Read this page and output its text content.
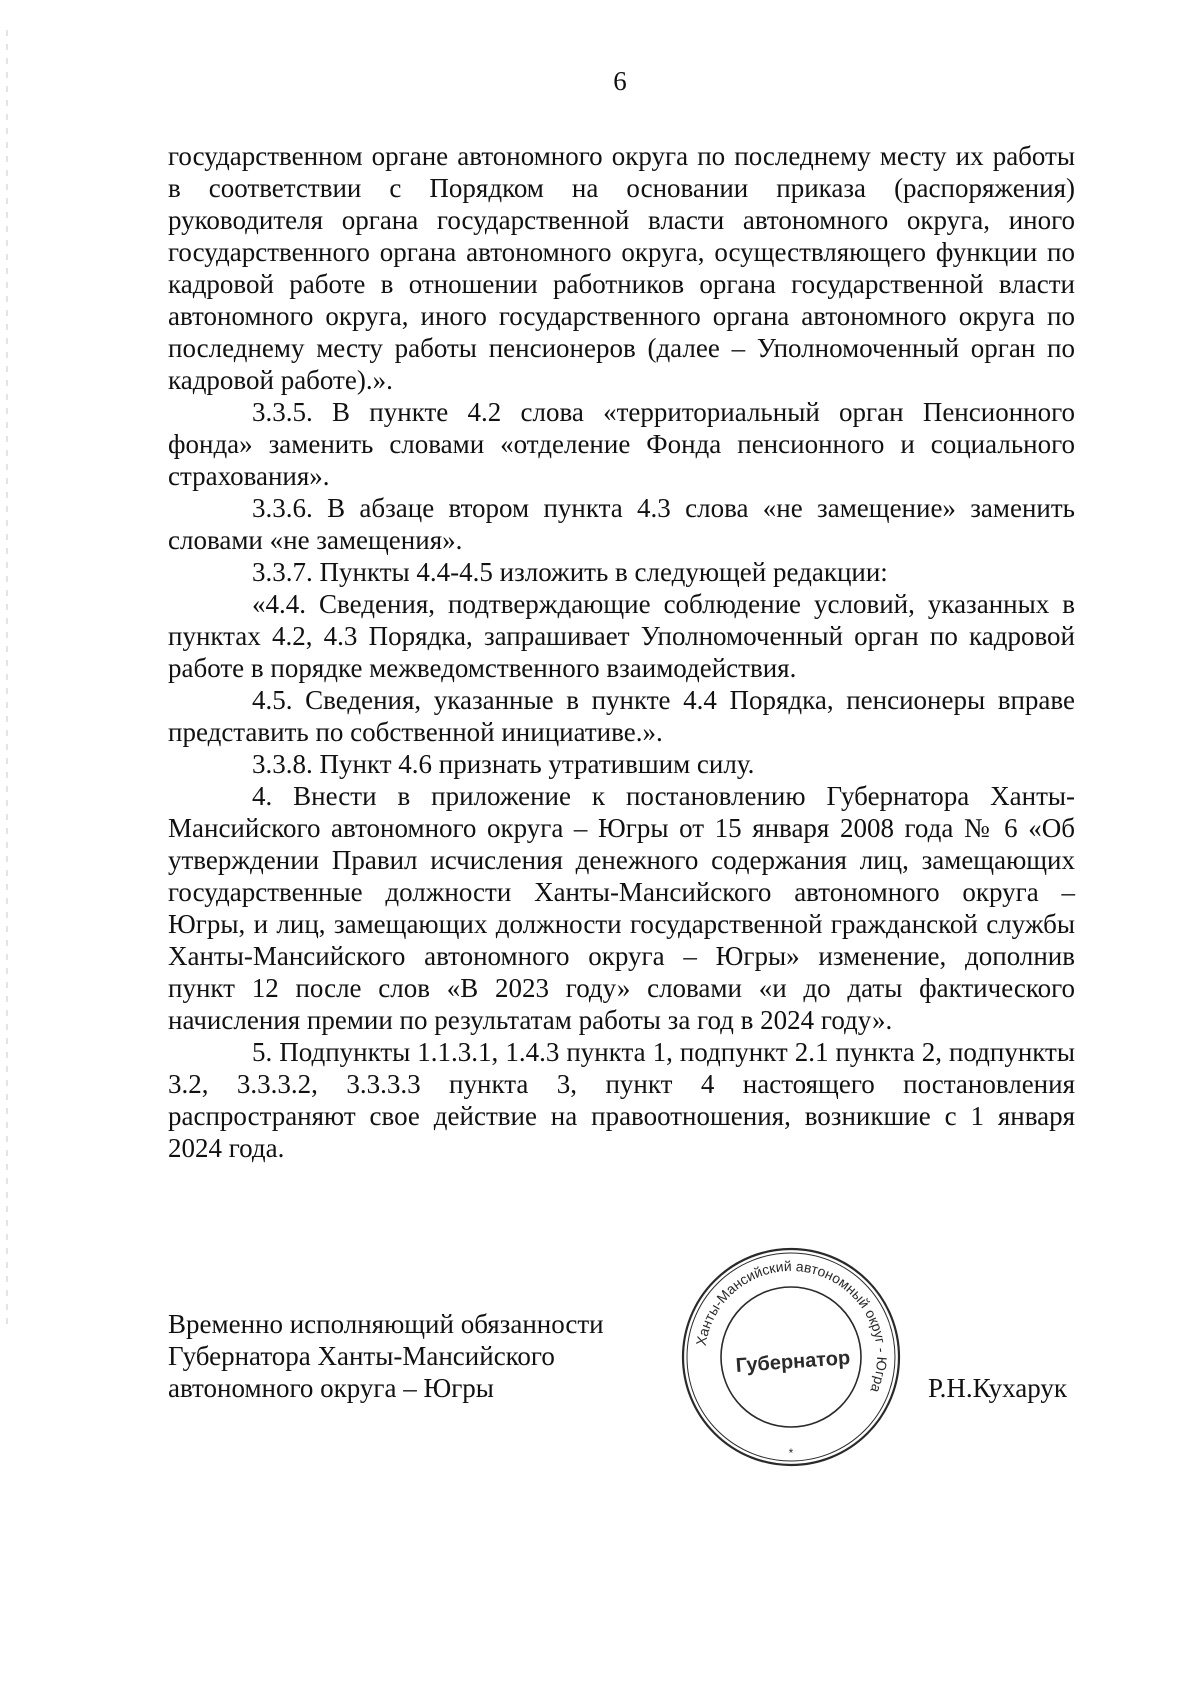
6

государственном органе автономного округа по последнему месту их работы в соответствии с Порядком на основании приказа (распоряжения) руководителя органа государственной власти автономного округа, иного государственного органа автономного округа, осуществляющего функции по кадровой работе в отношении работников органа государственной власти автономного округа, иного государственного органа автономного округа по последнему месту работы пенсионеров (далее – Уполномоченный орган по кадровой работе).».

3.3.5. В пункте 4.2 слова «территориальный орган Пенсионного фонда» заменить словами «отделение Фонда пенсионного и социального страхования».

3.3.6. В абзаце втором пункта 4.3 слова «не замещение» заменить словами «не замещения».

3.3.7. Пункты 4.4-4.5 изложить в следующей редакции:

«4.4. Сведения, подтверждающие соблюдение условий, указанных в пунктах 4.2, 4.3 Порядка, запрашивает Уполномоченный орган по кадровой работе в порядке межведомственного взаимодействия.

4.5. Сведения, указанные в пункте 4.4 Порядка, пенсионеры вправе представить по собственной инициативе.».

3.3.8. Пункт 4.6 признать утратившим силу.

4. Внести в приложение к постановлению Губернатора Ханты-Мансийского автономного округа – Югры от 15 января 2008 года № 6 «Об утверждении Правил исчисления денежного содержания лиц, замещающих государственные должности Ханты-Мансийского автономного округа – Югры, и лиц, замещающих должности государственной гражданской службы Ханты-Мансийского автономного округа – Югры» изменение, дополнив пункт 12 после слов «В 2023 году» словами «и до даты фактического начисления премии по результатам работы за год в 2024 году».

5. Подпункты 1.1.3.1, 1.4.3 пункта 1, подпункт 2.1 пункта 2, подпункты 3.2, 3.3.3.2, 3.3.3.3 пункта 3, пункт 4 настоящего постановления распространяют свое действие на правоотношения, возникшие с 1 января 2024 года.

Временно исполняющий обязанности
Губернатора Ханты-Мансийского
автономного округа – Югры
Ханты-Мансийский автономный округ - Югра
Губернатор
*
Р.Н.Кухарук
